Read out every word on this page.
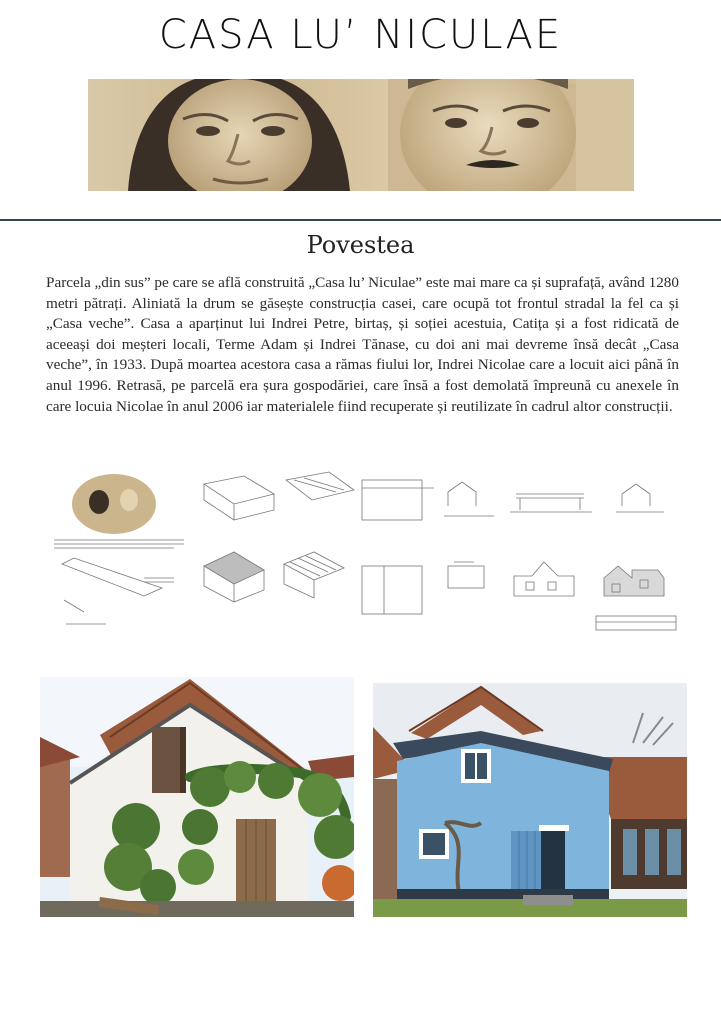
CASA LU’ NICULAE
Povestea

Parcela „din sus” pe care se află construită „Casa lu’ Niculae” este mai mare ca și suprafață, având 1280 metri pătrați. Aliniată la drum se găsește construcția casei, care ocupă tot frontul stradal la fel ca și „Casa veche”. Casa a aparținut lui Indrei Petre, birtaș, și soției acestuia, Catița și a fost ridicată de aceeași doi meșteri locali, Terme Adam și Indrei Tănase, cu doi ani mai devreme însă decât „Casa veche”, în 1933. După moartea acestora casa a rămas fiului lor, Indrei Nicolae care a locuit aici până în anul 1996. Retrasă, pe parcelă era șura gospodăriei, care însă a fost demolată împreună cu anexele în care locuia Nicolae în anul 2006 iar materialele fiind recuperate și reutilizate în cadrul altor construcții.
